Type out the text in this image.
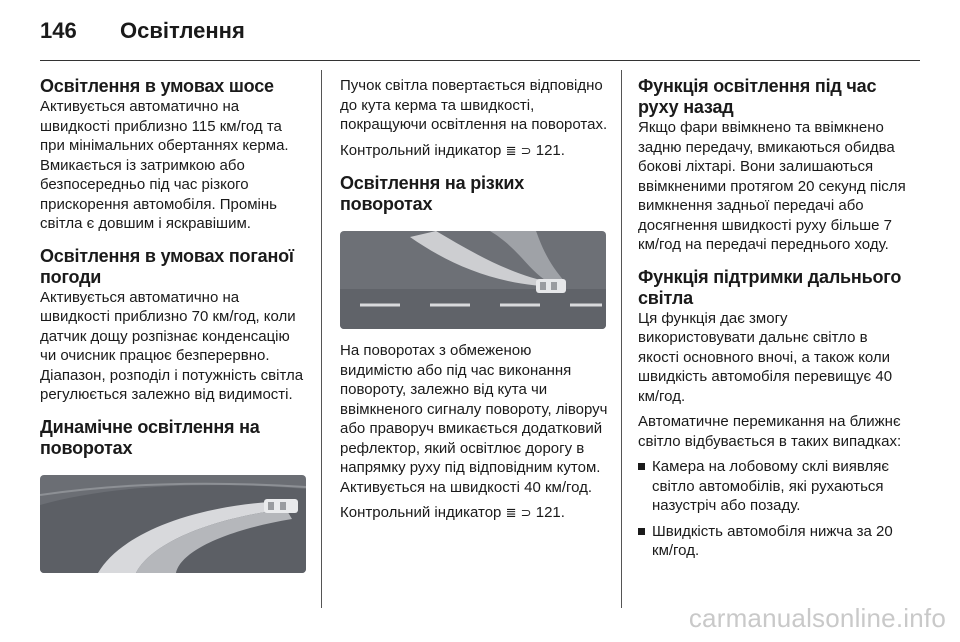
146	Освітлення
Освітлення в умовах шосе

Активується автоматично на швидкості приблизно 115 км/год та при мінімальних обертаннях керма. Вмикається із затримкою або безпосередньо під час різкого прискорення автомобіля. Промінь світла є довшим і яскравішим.

Освітлення в умовах поганої погоди

Активується автоматично на швидкості приблизно 70 км/год, коли датчик дощу розпізнає конденсацію чи очисник працює безперервно. Діапазон, розподіл і потужність світла регулюється залежно від видимості.

Динамічне освітлення на поворотах

Пучок світла повертається відповідно до кута керма та швидкості, покращуючи освітлення на поворотах.

Контрольний індикатор ≣ ⊃ 121.

Освітлення на різких поворотах

На поворотах з обмеженою видимістю або під час виконання повороту, залежно від кута чи ввімкненого сигналу повороту, ліворуч або праворуч вмикається додатковий рефлектор, який освітлює дорогу в напрямку руху під відповідним кутом. Активується на швидкості 40 км/год.

Контрольний індикатор ≣ ⊃ 121.

Функція освітлення під час руху назад

Якщо фари ввімкнено та ввімкнено задню передачу, вмикаються обидва бокові ліхтарі. Вони залишаються ввімкненими протягом 20 секунд після вимкнення задньої передачі або досягнення швидкості руху більше 7 км/год на передачі переднього ходу.

Функція підтримки дальнього світла

Ця функція дає змогу використовувати дальнє світло в якості основного вночі, а також коли швидкість автомобіля перевищує 40 км/год.

Автоматичне перемикання на ближнє світло відбувається в таких випадках:

Камера на лобовому склі виявляє світло автомобілів, які рухаються назустріч або позаду.
Швидкість автомобіля нижча за 20 км/год.
carmanualsonline.info
